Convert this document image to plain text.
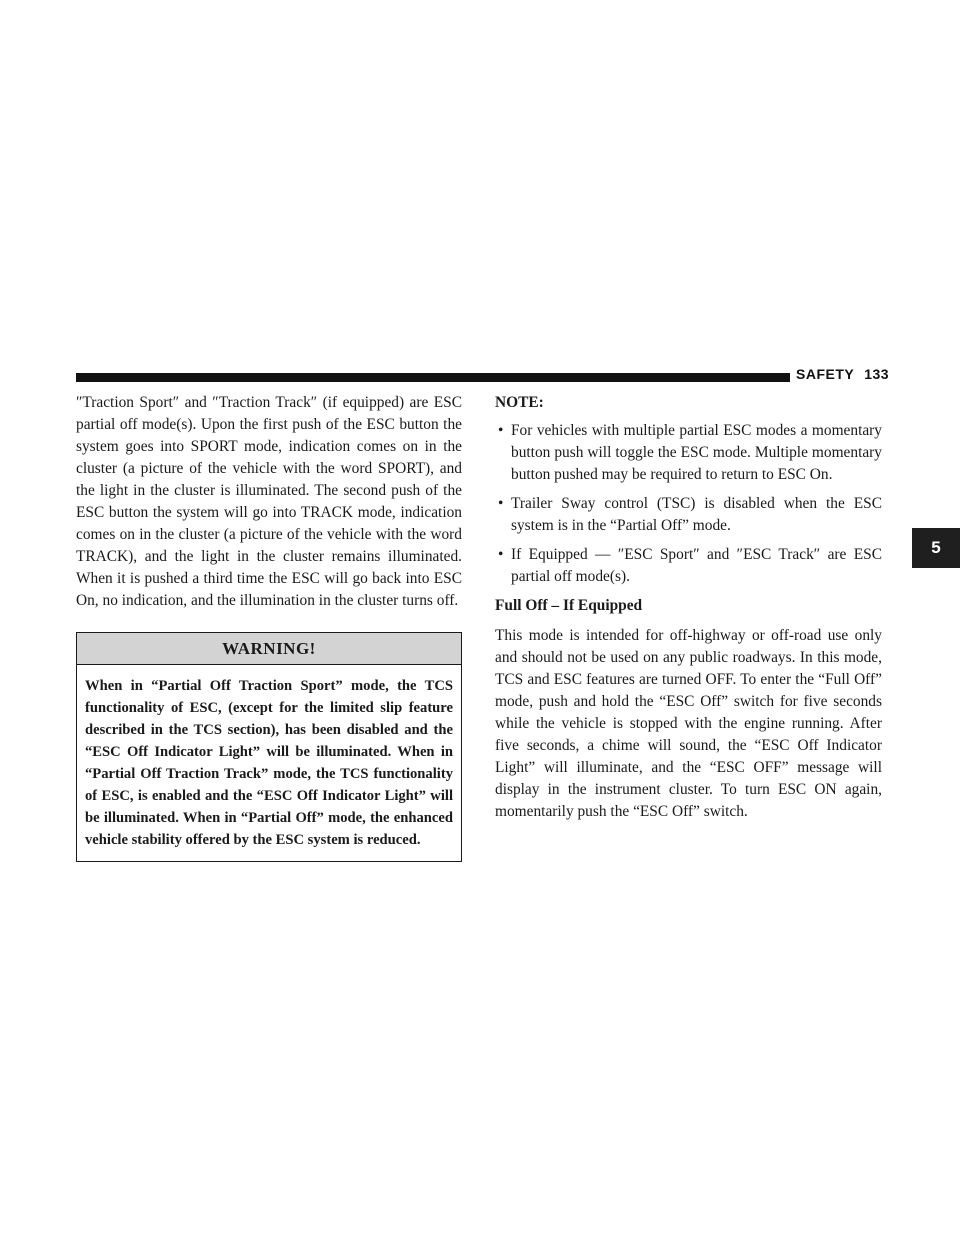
SAFETY 133
5

″Traction Sport″ and ″Traction Track″ (if equipped) are ESC partial off mode(s). Upon the first push of the ESC button the system goes into SPORT mode, indication comes on in the cluster (a picture of the vehicle with the word SPORT), and the light in the cluster is illuminated. The second push of the ESC button the system will go into TRACK mode, indication comes on in the cluster (a picture of the vehicle with the word TRACK), and the light in the cluster remains illuminated. When it is pushed a third time the ESC will go back into ESC On, no indication, and the illumination in the cluster turns off.

WARNING!

When in “Partial Off Traction Sport” mode, the TCS functionality of ESC, (except for the limited slip feature described in the TCS section), has been disabled and the “ESC Off Indicator Light” will be illuminated. When in “Partial Off Traction Track” mode, the TCS functionality of ESC, is enabled and the “ESC Off Indicator Light” will be illuminated. When in “Partial Off” mode, the enhanced vehicle stability offered by the ESC system is reduced.

NOTE:

• For vehicles with multiple partial ESC modes a momentary button push will toggle the ESC mode. Multiple momentary button pushed may be required to return to ESC On.
• Trailer Sway control (TSC) is disabled when the ESC system is in the “Partial Off” mode.
• If Equipped — ″ESC Sport″ and ″ESC Track″ are ESC partial off mode(s).

Full Off – If Equipped

This mode is intended for off-highway or off-road use only and should not be used on any public roadways. In this mode, TCS and ESC features are turned OFF. To enter the “Full Off” mode, push and hold the “ESC Off” switch for five seconds while the vehicle is stopped with the engine running. After five seconds, a chime will sound, the “ESC Off Indicator Light” will illuminate, and the “ESC OFF” message will display in the instrument cluster. To turn ESC ON again, momentarily push the “ESC Off” switch.
